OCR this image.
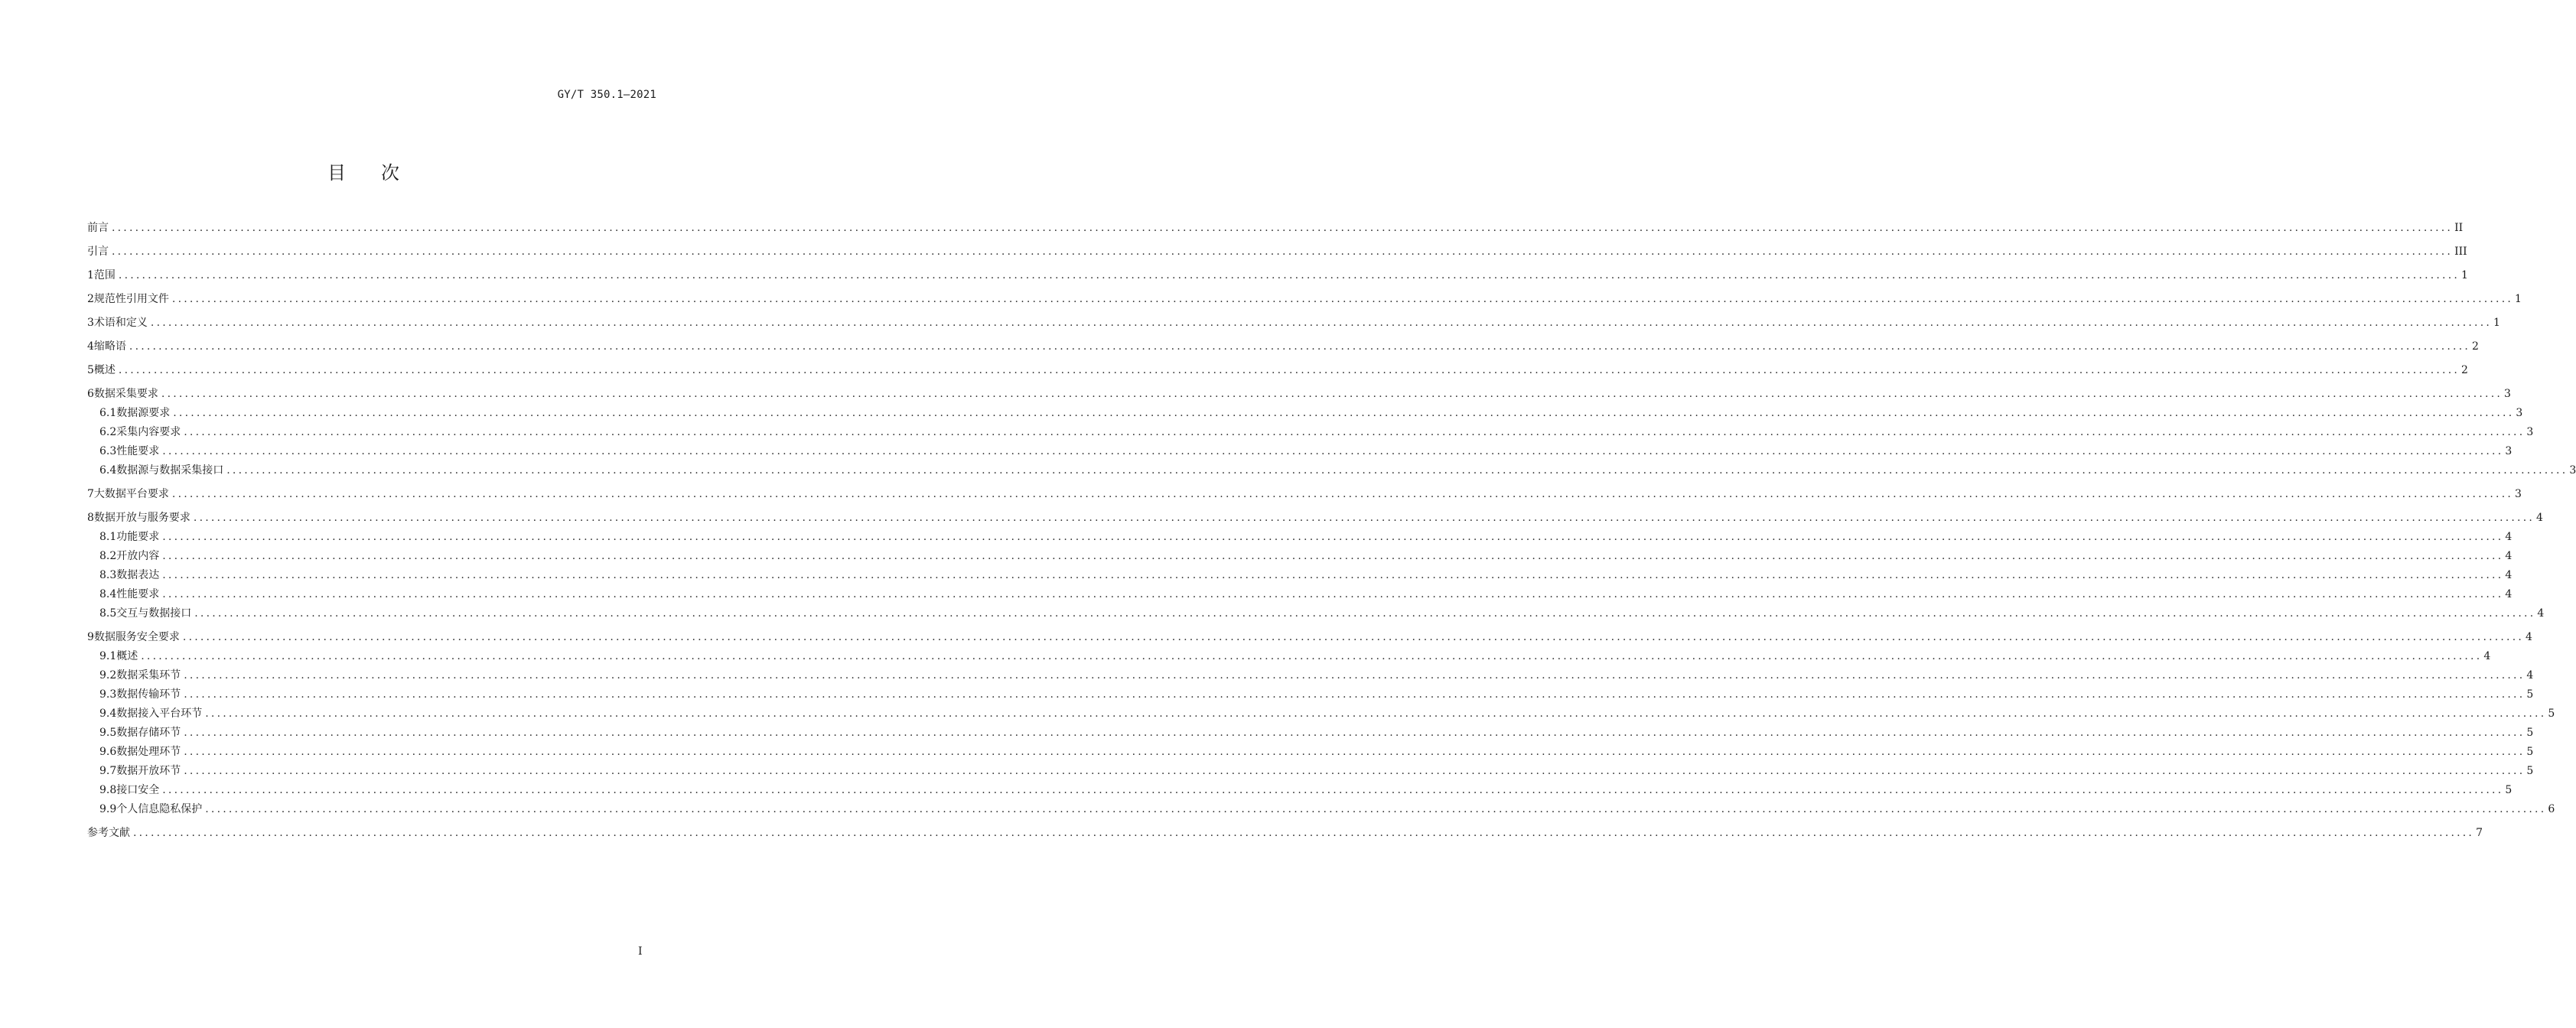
GY/T 350.1—2021
目次
前言 ................................................................................................................................................................................................................................................................................................................................................................................................................ II
引言 ................................................................................................................................................................................................................................................................................................................................................................................................................ III
1 范围 ................................................................................................................................................................................................................................................................................................................................................................................................................ 1
2 规范性引用文件 ................................................................................................................................................................................................................................................................................................................................................................................................................ 1
3 术语和定义 ................................................................................................................................................................................................................................................................................................................................................................................................................ 1
4 缩略语 ................................................................................................................................................................................................................................................................................................................................................................................................................ 2
5 概述 ................................................................................................................................................................................................................................................................................................................................................................................................................ 2
6 数据采集要求 ................................................................................................................................................................................................................................................................................................................................................................................................................ 3
6.1 数据源要求 ................................................................................................................................................................................................................................................................................................................................................................................................................ 3
6.2 采集内容要求 ................................................................................................................................................................................................................................................................................................................................................................................................................ 3
6.3 性能要求 ................................................................................................................................................................................................................................................................................................................................................................................................................ 3
6.4 数据源与数据采集接口 ................................................................................................................................................................................................................................................................................................................................................................................................................ 3
7 大数据平台要求 ................................................................................................................................................................................................................................................................................................................................................................................................................ 3
8 数据开放与服务要求 ................................................................................................................................................................................................................................................................................................................................................................................................................ 4
8.1 功能要求 ................................................................................................................................................................................................................................................................................................................................................................................................................ 4
8.2 开放内容 ................................................................................................................................................................................................................................................................................................................................................................................................................ 4
8.3 数据表达 ................................................................................................................................................................................................................................................................................................................................................................................................................ 4
8.4 性能要求 ................................................................................................................................................................................................................................................................................................................................................................................................................ 4
8.5 交互与数据接口 ................................................................................................................................................................................................................................................................................................................................................................................................................ 4
9 数据服务安全要求 ................................................................................................................................................................................................................................................................................................................................................................................................................ 4
9.1 概述 ................................................................................................................................................................................................................................................................................................................................................................................................................ 4
9.2 数据采集环节 ................................................................................................................................................................................................................................................................................................................................................................................................................ 4
9.3 数据传输环节 ................................................................................................................................................................................................................................................................................................................................................................................................................ 5
9.4 数据接入平台环节 ................................................................................................................................................................................................................................................................................................................................................................................................................ 5
9.5 数据存储环节 ................................................................................................................................................................................................................................................................................................................................................................................................................ 5
9.6 数据处理环节 ................................................................................................................................................................................................................................................................................................................................................................................................................ 5
9.7 数据开放环节 ................................................................................................................................................................................................................................................................................................................................................................................................................ 5
9.8 接口安全 ................................................................................................................................................................................................................................................................................................................................................................................................................ 5
9.9 个人信息隐私保护 ................................................................................................................................................................................................................................................................................................................................................................................................................ 6
参考文献 ................................................................................................................................................................................................................................................................................................................................................................................................................ 7
I
